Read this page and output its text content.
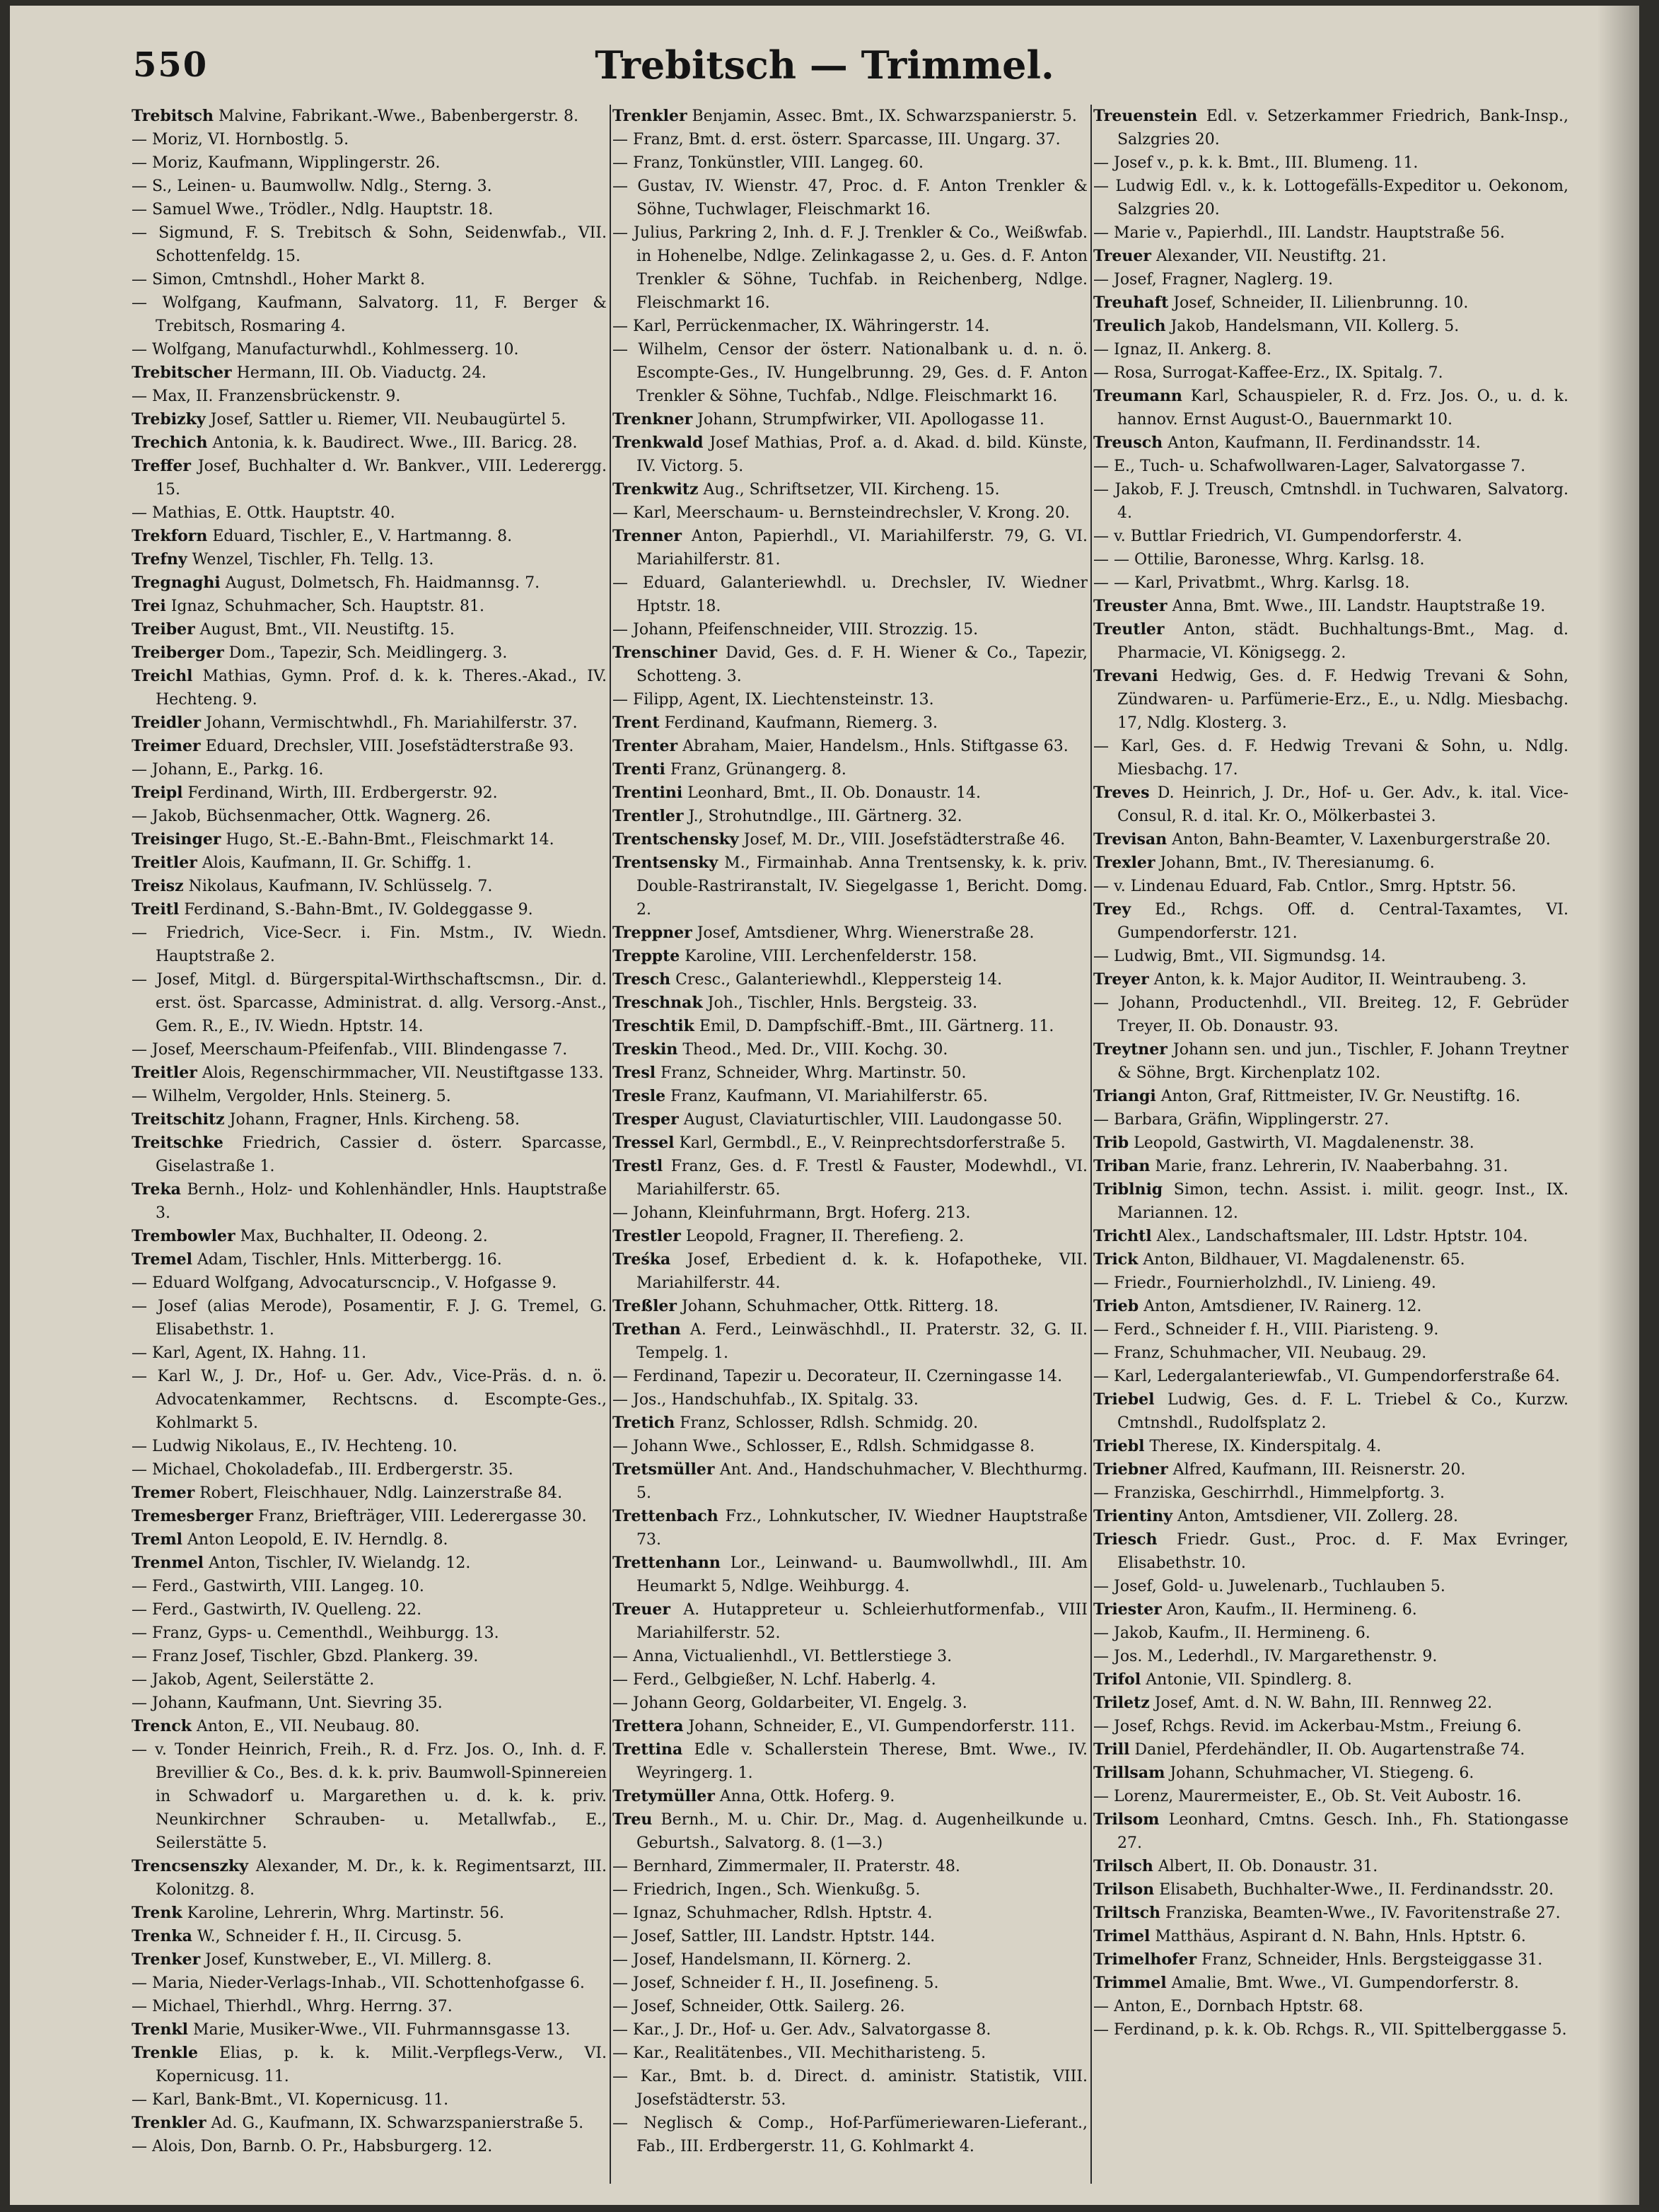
550	Trebitsch — Trimmel.
Trebitsch Malvine, Fabrikant.-Wwe., Babenbergerstr. 8.
— Moriz, VI. Hornbostlg. 5.
— Moriz, Kaufmann, Wipplingerstr. 26.
— S., Leinen- u. Baumwollw. Ndlg., Sterng. 3.
— Samuel Wwe., Trödler., Ndlg. Hauptstr. 18.
— Sigmund, F. S. Trebitsch & Sohn, Seidenwfab., VII. Schottenfeldg. 15.
— Simon, Cmtnshdl., Hoher Markt 8.
— Wolfgang, Kaufmann, Salvatorg. 11, F. Berger & Trebitsch, Rosmaring 4.
— Wolfgang, Manufacturwhdl., Kohlmesserg. 10.
Trebitscher Hermann, III. Ob. Viaductg. 24.
— Max, II. Franzensbrückenstr. 9.
Trebizky Josef, Sattler u. Riemer, VII. Neubaugürtel 5.
Trechich Antonia, k. k. Baudirect. Wwe., III. Baricg. 28.
Treffer Josef, Buchhalter d. Wr. Bankver., VIII. Lederergg. 15.
— Mathias, E. Ottk. Hauptstr. 40.
Trekforn Eduard, Tischler, E., V. Hartmanng. 8.
Trefny Wenzel, Tischler, Fh. Tellg. 13.
Tregnaghi August, Dolmetsch, Fh. Haidmannsg. 7.
Trei Ignaz, Schuhmacher, Sch. Hauptstr. 81.
Treiber August, Bmt., VII. Neustiftg. 15.
Treiberger Dom., Tapezir, Sch. Meidlingerg. 3.
Treichl Mathias, Gymn. Prof. d. k. k. Theres.-Akad., IV. Hechteng. 9.
Treidler Johann, Vermischtwhdl., Fh. Mariahilferstr. 37.
Treimer Eduard, Drechsler, VIII. Josefstädterstraße 93.
— Johann, E., Parkg. 16.
Treipl Ferdinand, Wirth, III. Erdbergerstr. 92.
— Jakob, Büchsenmacher, Ottk. Wagnerg. 26.
Treisinger Hugo, St.-E.-Bahn-Bmt., Fleischmarkt 14.
Treitler Alois, Kaufmann, II. Gr. Schiffg. 1.
Treisz Nikolaus, Kaufmann, IV. Schlüsselg. 7.
Treitl Ferdinand, S.-Bahn-Bmt., IV. Goldeggasse 9.
— Friedrich, Vice-Secr. i. Fin. Mstm., IV. Wiedn. Hauptstraße 2.
— Josef, Mitgl. d. Bürgerspital-Wirthschaftscmsn., Dir. d. erst. öst. Sparcasse, Administrat. d. allg. Versorg.-Anst., Gem. R., E., IV. Wiedn. Hptstr. 14.
— Josef, Meerschaum-Pfeifenfab., VIII. Blindengasse 7.
Treitler Alois, Regenschirmmacher, VII. Neustiftgasse 133.
— Wilhelm, Vergolder, Hnls. Steinerg. 5.
Treitschitz Johann, Fragner, Hnls. Kircheng. 58.
Treitschke Friedrich, Cassier d. österr. Sparcasse, Giselastraße 1.
Treka Bernh., Holz- und Kohlenhändler, Hnls. Hauptstraße 3.
Trembowler Max, Buchhalter, II. Odeong. 2.
Tremel Adam, Tischler, Hnls. Mitterbergg. 16.
— Eduard Wolfgang, Advocaturscncip., V. Hofgasse 9.
— Josef (alias Merode), Posamentir, F. J. G. Tremel, G. Elisabethstr. 1.
— Karl, Agent, IX. Hahng. 11.
— Karl W., J. Dr., Hof- u. Ger. Adv., Vice-Präs. d. n. ö. Advocatenkammer, Rechtscns. d. Escompte-Ges., Kohlmarkt 5.
— Ludwig Nikolaus, E., IV. Hechteng. 10.
— Michael, Chokoladefab., III. Erdbergerstr. 35.
Tremer Robert, Fleischhauer, Ndlg. Lainzerstraße 84.
Tremesberger Franz, Briefträger, VIII. Lederergasse 30.
Treml Anton Leopold, E. IV. Herndlg. 8.
Trenmel Anton, Tischler, IV. Wielandg. 12.
— Ferd., Gastwirth, VIII. Langeg. 10.
— Ferd., Gastwirth, IV. Quelleng. 22.
— Franz, Gyps- u. Cementhdl., Weihburgg. 13.
— Franz Josef, Tischler, Gbzd. Plankerg. 39.
— Jakob, Agent, Seilerstätte 2.
— Johann, Kaufmann, Unt. Sievring 35.
Trenck Anton, E., VII. Neubaug. 80.
— v. Tonder Heinrich, Freih., R. d. Frz. Jos. O., Inh. d. F. Brevillier & Co., Bes. d. k. k. priv. Baumwoll-Spinnereien in Schwadorf u. Margarethen u. d. k. k. priv. Neunkirchner Schrauben- u. Metallwfab., E., Seilerstätte 5.
Trencsenszky Alexander, M. Dr., k. k. Regimentsarzt, III. Kolonitzg. 8.
Trenk Karoline, Lehrerin, Whrg. Martinstr. 56.
Trenka W., Schneider f. H., II. Circusg. 5.
Trenker Josef, Kunstweber, E., VI. Millerg. 8.
— Maria, Nieder-Verlags-Inhab., VII. Schottenhofgasse 6.
— Michael, Thierhdl., Whrg. Herrng. 37.
Trenkl Marie, Musiker-Wwe., VII. Fuhrmannsgasse 13.
Trenkle Elias, p. k. k. Milit.-Verpflegs-Verw., VI. Kopernicusg. 11.
— Karl, Bank-Bmt., VI. Kopernicusg. 11.
Trenkler Ad. G., Kaufmann, IX. Schwarzspanierstraße 5.
— Alois, Don, Barnb. O. Pr., Habsburgerg. 12.
Trenkler Benjamin, Assec. Bmt., IX. Schwarzspanierstr. 5.
— Franz, Bmt. d. erst. österr. Sparcasse, III. Ungarg. 37.
— Franz, Tonkünstler, VIII. Langeg. 60.
— Gustav, IV. Wienstr. 47, Proc. d. F. Anton Trenkler & Söhne, Tuchwlager, Fleischmarkt 16.
— Julius, Parkring 2, Inh. d. F. J. Trenkler & Co., Weißwfab. in Hohenelbe, Ndlge. Zelinkagasse 2, u. Ges. d. F. Anton Trenkler & Söhne, Tuchfab. in Reichenberg, Ndlge. Fleischmarkt 16.
— Karl, Perrückenmacher, IX. Währingerstr. 14.
— Wilhelm, Censor der österr. Nationalbank u. d. n. ö. Escompte-Ges., IV. Hungelbrunng. 29, Ges. d. F. Anton Trenkler & Söhne, Tuchfab., Ndlge. Fleischmarkt 16.
Trenkner Johann, Strumpfwirker, VII. Apollogasse 11.
Trenkwald Josef Mathias, Prof. a. d. Akad. d. bild. Künste, IV. Victorg. 5.
Trenkwitz Aug., Schriftsetzer, VII. Kircheng. 15.
— Karl, Meerschaum- u. Bernsteindrechsler, V. Krong. 20.
Trenner Anton, Papierhdl., VI. Mariahilferstr. 79, G. VI. Mariahilferstr. 81.
— Eduard, Galanteriewhdl. u. Drechsler, IV. Wiedner Hptstr. 18.
— Johann, Pfeifenschneider, VIII. Strozzig. 15.
Trenschiner David, Ges. d. F. H. Wiener & Co., Tapezir, Schotteng. 3.
— Filipp, Agent, IX. Liechtensteinstr. 13.
Trent Ferdinand, Kaufmann, Riemerg. 3.
Trenter Abraham, Maier, Handelsm., Hnls. Stiftgasse 63.
Trenti Franz, Grünangerg. 8.
Trentini Leonhard, Bmt., II. Ob. Donaustr. 14.
Trentler J., Strohutndlge., III. Gärtnerg. 32.
Trentschensky Josef, M. Dr., VIII. Josefstädterstraße 46.
Trentsensky M., Firmainhab. Anna Trentsensky, k. k. priv. Double-Rastriranstalt, IV. Siegelgasse 1, Bericht. Domg. 2.
Treppner Josef, Amtsdiener, Whrg. Wienerstraße 28.
Treppte Karoline, VIII. Lerchenfelderstr. 158.
Tresch Cresc., Galanteriewhdl., Kleppersteig 14.
Treschnak Joh., Tischler, Hnls. Bergsteig. 33.
Treschtik Emil, D. Dampfschiff.-Bmt., III. Gärtnerg. 11.
Treskin Theod., Med. Dr., VIII. Kochg. 30.
Tresl Franz, Schneider, Whrg. Martinstr. 50.
Tresle Franz, Kaufmann, VI. Mariahilferstr. 65.
Tresper August, Claviaturtischler, VIII. Laudongasse 50.
Tressel Karl, Germbdl., E., V. Reinprechtsdorferstraße 5.
Trestl Franz, Ges. d. F. Trestl & Fauster, Modewhdl., VI. Mariahilferstr. 65.
— Johann, Kleinfuhrmann, Brgt. Hoferg. 213.
Trestler Leopold, Fragner, II. Therefieng. 2.
Treśka Josef, Erbedient d. k. k. Hofapotheke, VII. Mariahilferstr. 44.
Treßler Johann, Schuhmacher, Ottk. Ritterg. 18.
Trethan A. Ferd., Leinwäschhdl., II. Praterstr. 32, G. II. Tempelg. 1.
— Ferdinand, Tapezir u. Decorateur, II. Czerningasse 14.
— Jos., Handschuhfab., IX. Spitalg. 33.
Tretich Franz, Schlosser, Rdlsh. Schmidg. 20.
— Johann Wwe., Schlosser, E., Rdlsh. Schmidgasse 8.
Tretsmüller Ant. And., Handschuhmacher, V. Blechthurmg. 5.
Trettenbach Frz., Lohnkutscher, IV. Wiedner Hauptstraße 73.
Trettenhann Lor., Leinwand- u. Baumwollwhdl., III. Am Heumarkt 5, Ndlge. Weihburgg. 4.
Treuer A. Hutappreteur u. Schleierhutformenfab., VIII Mariahilferstr. 52.
— Anna, Victualienhdl., VI. Bettlerstiege 3.
— Ferd., Gelbgießer, N. Lchf. Haberlg. 4.
— Johann Georg, Goldarbeiter, VI. Engelg. 3.
Trettera Johann, Schneider, E., VI. Gumpendorferstr. 111.
Trettina Edle v. Schallerstein Therese, Bmt. Wwe., IV. Weyringerg. 1.
Tretymüller Anna, Ottk. Hoferg. 9.
Treu Bernh., M. u. Chir. Dr., Mag. d. Augenheilkunde u. Geburtsh., Salvatorg. 8. (1—3.)
— Bernhard, Zimmermaler, II. Praterstr. 48.
— Friedrich, Ingen., Sch. Wienkußg. 5.
— Ignaz, Schuhmacher, Rdlsh. Hptstr. 4.
— Josef, Sattler, III. Landstr. Hptstr. 144.
— Josef, Handelsmann, II. Körnerg. 2.
— Josef, Schneider f. H., II. Josefineng. 5.
— Josef, Schneider, Ottk. Sailerg. 26.
— Kar., J. Dr., Hof- u. Ger. Adv., Salvatorgasse 8.
— Kar., Realitätenbes., VII. Mechitharisteng. 5.
— Kar., Bmt. b. d. Direct. d. aministr. Statistik, VIII. Josefstädterstr. 53.
— Neglisch & Comp., Hof-Parfümeriewaren-Lieferant., Fab., III. Erdbergerstr. 11, G. Kohlmarkt 4.
Treuenstein Edl. v. Setzerkammer Friedrich, Bank-Insp., Salzgries 20.
— Josef v., p. k. k. Bmt., III. Blumeng. 11.
— Ludwig Edl. v., k. k. Lottogefälls-Expeditor u. Oekonom, Salzgries 20.
— Marie v., Papierhdl., III. Landstr. Hauptstraße 56.
Treuer Alexander, VII. Neustiftg. 21.
— Josef, Fragner, Naglerg. 19.
Treuhaft Josef, Schneider, II. Lilienbrunng. 10.
Treulich Jakob, Handelsmann, VII. Kollerg. 5.
— Ignaz, II. Ankerg. 8.
— Rosa, Surrogat-Kaffee-Erz., IX. Spitalg. 7.
Treumann Karl, Schauspieler, R. d. Frz. Jos. O., u. d. k. hannov. Ernst August-O., Bauernmarkt 10.
Treusch Anton, Kaufmann, II. Ferdinandsstr. 14.
— E., Tuch- u. Schafwollwaren-Lager, Salvatorgasse 7.
— Jakob, F. J. Treusch, Cmtnshdl. in Tuchwaren, Salvatorg. 4.
— v. Buttlar Friedrich, VI. Gumpendorferstr. 4.
— — Ottilie, Baronesse, Whrg. Karlsg. 18.
— — Karl, Privatbmt., Whrg. Karlsg. 18.
Treuster Anna, Bmt. Wwe., III. Landstr. Hauptstraße 19.
Treutler Anton, städt. Buchhaltungs-Bmt., Mag. d. Pharmacie, VI. Königsegg. 2.
Trevani Hedwig, Ges. d. F. Hedwig Trevani & Sohn, Zündwaren- u. Parfümerie-Erz., E., u. Ndlg. Miesbachg. 17, Ndlg. Klosterg. 3.
— Karl, Ges. d. F. Hedwig Trevani & Sohn, u. Ndlg. Miesbachg. 17.
Treves D. Heinrich, J. Dr., Hof- u. Ger. Adv., k. ital. Vice-Consul, R. d. ital. Kr. O., Mölkerbastei 3.
Trevisan Anton, Bahn-Beamter, V. Laxenburgerstraße 20.
Trexler Johann, Bmt., IV. Theresianumg. 6.
— v. Lindenau Eduard, Fab. Cntlor., Smrg. Hptstr. 56.
Trey Ed., Rchgs. Off. d. Central-Taxamtes, VI. Gumpendorferstr. 121.
— Ludwig, Bmt., VII. Sigmundsg. 14.
Treyer Anton, k. k. Major Auditor, II. Weintraubeng. 3.
— Johann, Productenhdl., VII. Breiteg. 12, F. Gebrüder Treyer, II. Ob. Donaustr. 93.
Treytner Johann sen. und jun., Tischler, F. Johann Treytner & Söhne, Brgt. Kirchenplatz 102.
Triangi Anton, Graf, Rittmeister, IV. Gr. Neustiftg. 16.
— Barbara, Gräfin, Wipplingerstr. 27.
Trib Leopold, Gastwirth, VI. Magdalenenstr. 38.
Triban Marie, franz. Lehrerin, IV. Naaberbahng. 31.
Triblnig Simon, techn. Assist. i. milit. geogr. Inst., IX. Mariannen. 12.
Trichtl Alex., Landschaftsmaler, III. Ldstr. Hptstr. 104.
Trick Anton, Bildhauer, VI. Magdalenenstr. 65.
— Friedr., Fournierholzhdl., IV. Linieng. 49.
Trieb Anton, Amtsdiener, IV. Rainerg. 12.
— Ferd., Schneider f. H., VIII. Piaristeng. 9.
— Franz, Schuhmacher, VII. Neubaug. 29.
— Karl, Ledergalanteriewfab., VI. Gumpendorferstraße 64.
Triebel Ludwig, Ges. d. F. L. Triebel & Co., Kurzw. Cmtnshdl., Rudolfsplatz 2.
Triebl Therese, IX. Kinderspitalg. 4.
Triebner Alfred, Kaufmann, III. Reisnerstr. 20.
— Franziska, Geschirrhdl., Himmelpfortg. 3.
Trientiny Anton, Amtsdiener, VII. Zollerg. 28.
Triesch Friedr. Gust., Proc. d. F. Max Evringer, Elisabethstr. 10.
— Josef, Gold- u. Juwelenarb., Tuchlauben 5.
Triester Aron, Kaufm., II. Hermineng. 6.
— Jakob, Kaufm., II. Hermineng. 6.
— Jos. M., Lederhdl., IV. Margarethenstr. 9.
Trifol Antonie, VII. Spindlerg. 8.
Triletz Josef, Amt. d. N. W. Bahn, III. Rennweg 22.
— Josef, Rchgs. Revid. im Ackerbau-Mstm., Freiung 6.
Trill Daniel, Pferdehändler, II. Ob. Augartenstraße 74.
Trillsam Johann, Schuhmacher, VI. Stiegeng. 6.
— Lorenz, Maurermeister, E., Ob. St. Veit Aubostr. 16.
Trilsom Leonhard, Cmtns. Gesch. Inh., Fh. Stationgasse 27.
Trilsch Albert, II. Ob. Donaustr. 31.
Trilson Elisabeth, Buchhalter-Wwe., II. Ferdinandsstr. 20.
Triltsch Franziska, Beamten-Wwe., IV. Favoritenstraße 27.
Trimel Matthäus, Aspirant d. N. Bahn, Hnls. Hptstr. 6.
Trimelhofer Franz, Schneider, Hnls. Bergsteiggasse 31.
Trimmel Amalie, Bmt. Wwe., VI. Gumpendorferstr. 8.
— Anton, E., Dornbach Hptstr. 68.
— Ferdinand, p. k. k. Ob. Rchgs. R., VII. Spittelberggasse 5.
